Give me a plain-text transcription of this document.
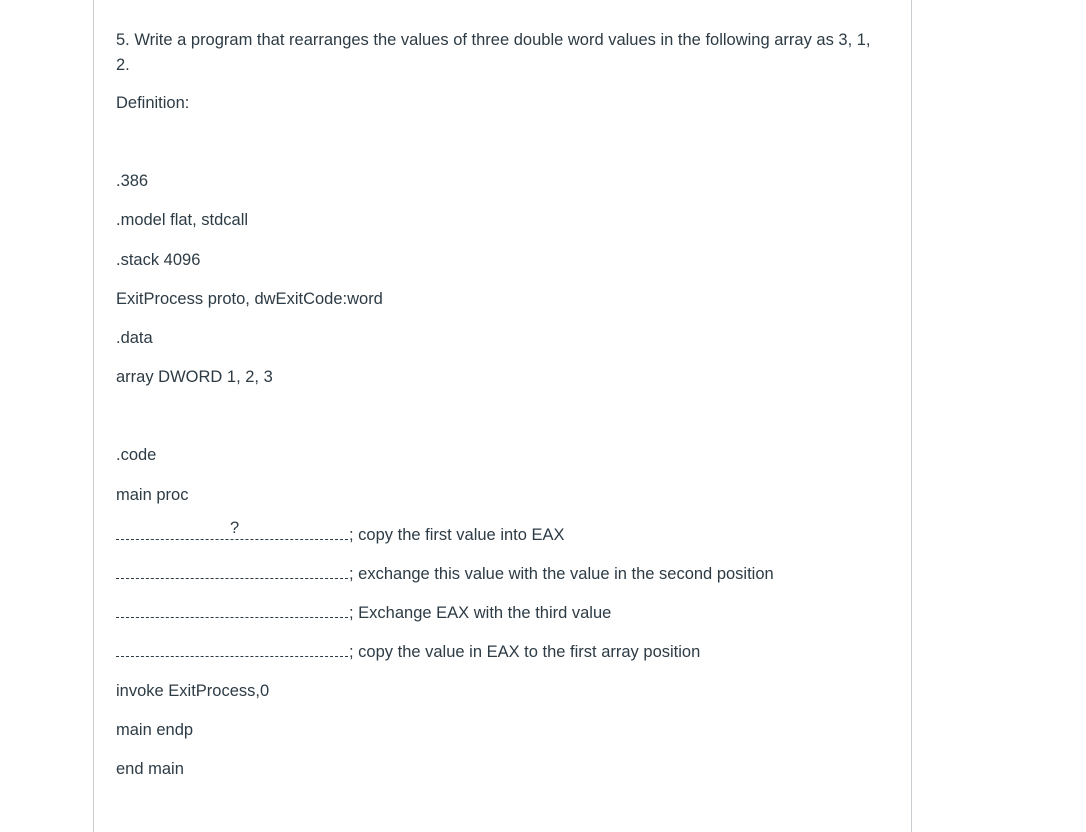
5. Write a program that rearranges the values of three double word values in the following array as 3, 1, 2.
Definition:
.386
.model flat, stdcall
.stack 4096
ExitProcess proto, dwExitCode:word
.data
array DWORD 1, 2, 3
.code
main proc
?	; copy the first value into EAX
; exchange this value with the value in the second position
; Exchange EAX with the third value
; copy the value in EAX to the first array position
invoke ExitProcess,0
main endp
end main
